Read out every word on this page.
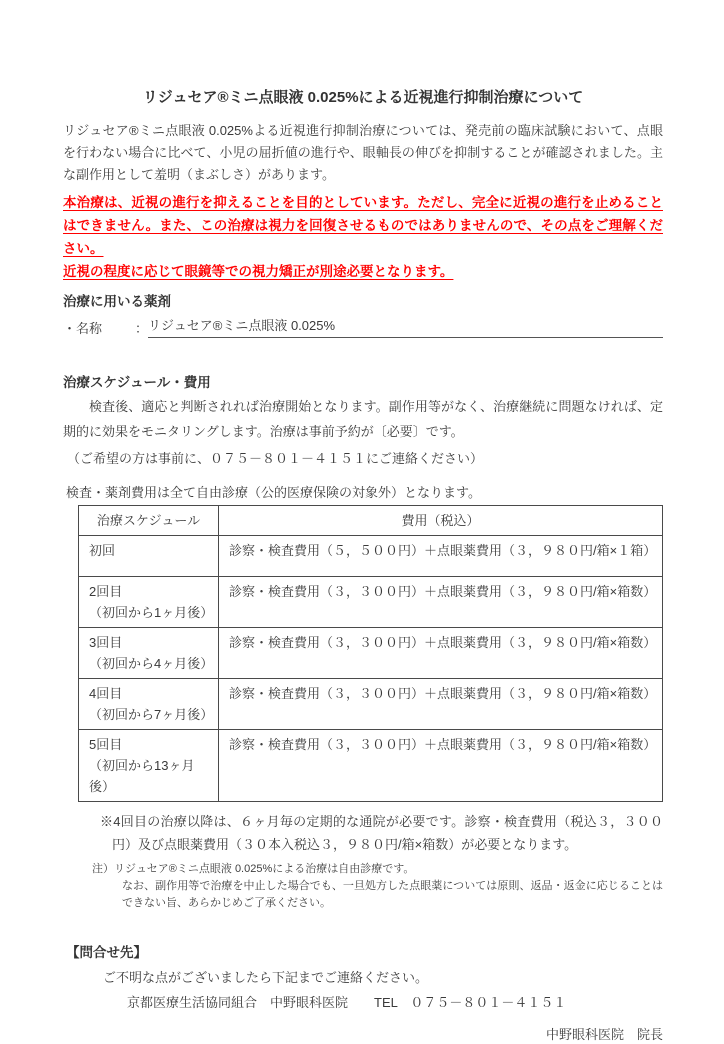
リジュセア®ミニ点眼液 0.025%による近視進行抑制治療について

リジュセア®ミニ点眼液 0.025%よる近視進行抑制治療については、発売前の臨床試験において、点眼を行わない場合に比べて、小児の屈折値の進行や、眼軸長の伸びを抑制することが確認されました。主な副作用として羞明（まぶしさ）があります。

本治療は、近視の進行を抑えることを目的としています。ただし、完全に近視の進行を止めることはできません。また、この治療は視力を回復させるものではありませんので、その点をご理解ください。

近視の程度に応じて眼鏡等での視力矯正が別途必要となります。

治療に用いる薬剤
・名称	： リジュセア®ミニ点眼液 0.025%
治療スケジュール・費用

検査後、適応と判断されれば治療開始となります。副作用等がなく、治療継続に問題なければ、定期的に効果をモニタリングします。治療は事前予約が〔必要〕です。

（ご希望の方は事前に、０７５－８０１－４１５１にご連絡ください）

検査・薬剤費用は全て自由診療（公的医療保険の対象外）となります。

治療スケジュール	費用（税込）

初回	診察・検査費用（５，５００円）＋点眼薬費用（３，９８０円/箱×１箱）

2回目
（初回から1ヶ月後）	診察・検査費用（３，３００円）＋点眼薬費用（３，９８０円/箱×箱数）

3回目
（初回から4ヶ月後）	診察・検査費用（３，３００円）＋点眼薬費用（３，９８０円/箱×箱数）

4回目
（初回から7ヶ月後）	診察・検査費用（３，３００円）＋点眼薬費用（３，９８０円/箱×箱数）

5回目
（初回から13ヶ月後）	診察・検査費用（３，３００円）＋点眼薬費用（３，９８０円/箱×箱数）

※4回目の治療以降は、６ヶ月毎の定期的な通院が必要です。診察・検査費用（税込３，３００円）及び点眼薬費用（３０本入税込３，９８０円/箱×箱数）が必要となります。

注）リジュセア®ミニ点眼液 0.025%による治療は自由診療です。
なお、副作用等で治療を中止した場合でも、一旦処方した点眼薬については原則、返品・返金に応じることはできない旨、あらかじめご了承ください。
【問合せ先】

ご不明な点がございましたら下記までご連絡ください。

京都医療生活協同組合　中野眼科医院　　TEL　０７５－８０１－４１５１

中野眼科医院　院長
